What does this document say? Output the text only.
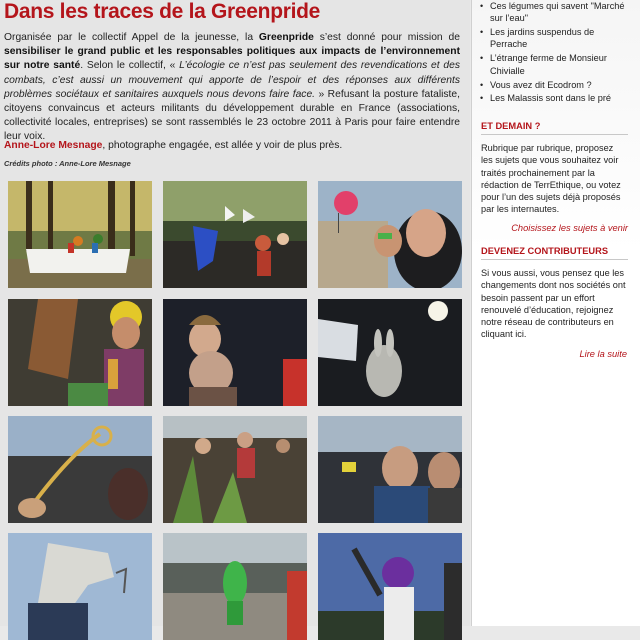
Dans les traces de la Greenpride

Organisée par le collectif Appel de la jeunesse, la Greenpride s’est donné pour mission de sensibiliser le grand public et les responsables politiques aux impacts de l’environnement sur notre santé. Selon le collectif, « L’écologie ce n’est pas seulement des revendications et des combats, c’est aussi un mouvement qui apporte de l’espoir et des réponses aux différents problèmes sociétaux et sanitaires auxquels nous devons faire face. » Refusant la posture fataliste, citoyens convaincus et acteurs militants du développement durable en France (associations, collectivité locales, entreprises) se sont rassemblés le 23 octobre 2011 à Paris pour faire entendre leur voix.

Anne-Lore Mesnage, photographe engagée, est allée y voir de plus près.

Crédits photo : Anne-Lore Mesnage

• Ces légumes qui savent "Marché sur l’eau"
• Les jardins suspendus de Perrache
• L’étrange ferme de Monsieur Chivialle
• Vous avez dit Ecodrom ?
• Les Malassis sont dans le pré
ET DEMAIN ?

Rubrique par rubrique, proposez les sujets que vous souhaitez voir traités prochainement par la rédaction de TerrEthique, ou votez pour l’un des sujets déjà proposés par les internautes.

Choisissez les sujets à venir
DEVENEZ CONTRIBUTEURS

Si vous aussi, vous pensez que les changements dont nos sociétés ont besoin passent par un effort renouvelé d’éducation, rejoignez notre réseau de contributeurs en cliquant ici.

Lire la suite
